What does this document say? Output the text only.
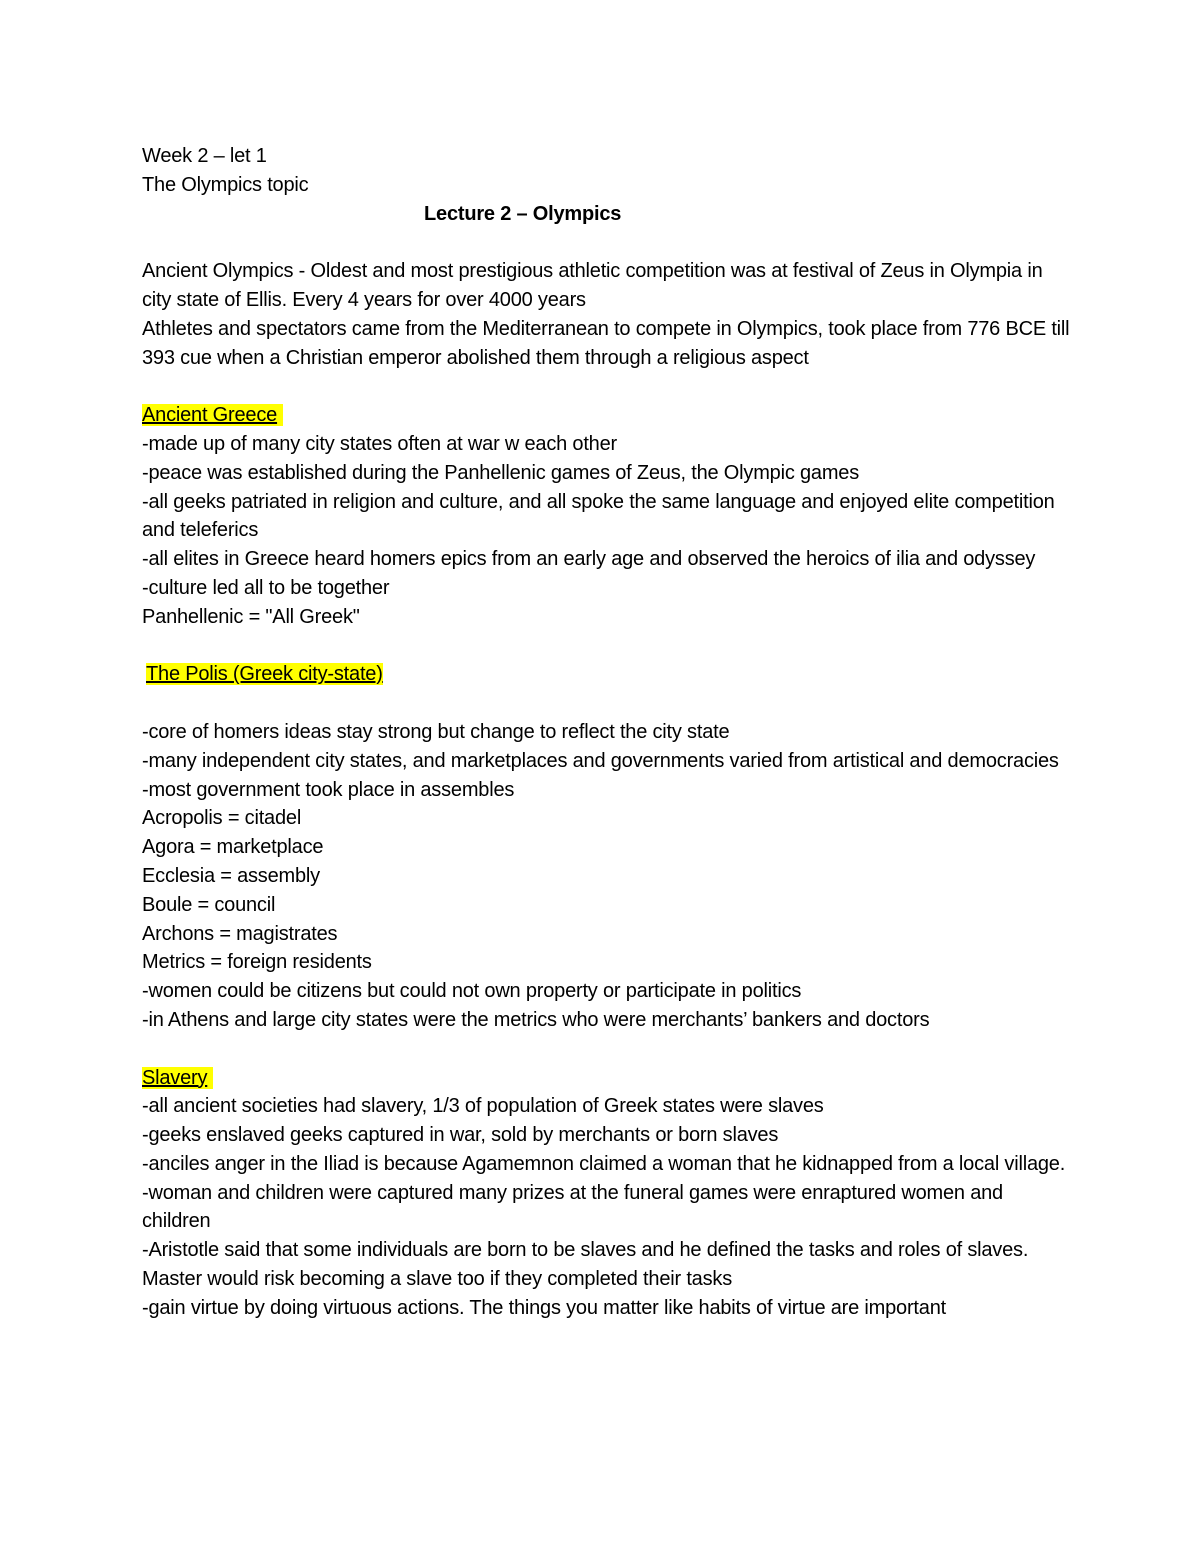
Week 2 – let 1
The Olympics topic
Lecture 2 – Olympics
Ancient Olympics - Oldest and most prestigious athletic competition was at festival of Zeus in Olympia in city state of Ellis. Every 4 years for over 4000 years
Athletes and spectators came from the Mediterranean to compete in Olympics, took place from 776 BCE till 393 cue when a Christian emperor abolished them through a religious aspect
Ancient Greece
-made up of many city states often at war w each other
-peace was established during the Panhellenic games of Zeus, the Olympic games
-all geeks patriated in religion and culture, and all spoke the same language and enjoyed elite competition and teleferics
-all elites in Greece heard homers epics from an early age and observed the heroics of ilia and odyssey
-culture led all to be together
Panhellenic = "All Greek"
The Polis (Greek city-state)
-core of homers ideas stay strong but change to reflect the city state
-many independent city states, and marketplaces and governments varied from artistical and democracies
-most government took place in assembles
Acropolis = citadel
Agora = marketplace
Ecclesia = assembly
Boule = council
Archons = magistrates
Metrics = foreign residents
-women could be citizens but could not own property or participate in politics
-in Athens and large city states were the metrics who were merchants’ bankers and doctors
Slavery
-all ancient societies had slavery, 1/3 of population of Greek states were slaves
-geeks enslaved geeks captured in war, sold by merchants or born slaves
-anciles anger in the Iliad is because Agamemnon claimed a woman that he kidnapped from a local village.
-woman and children were captured many prizes at the funeral games were enraptured women and children
-Aristotle said that some individuals are born to be slaves and he defined the tasks and roles of slaves. Master would risk becoming a slave too if they completed their tasks
-gain virtue by doing virtuous actions. The things you matter like habits of virtue are important
